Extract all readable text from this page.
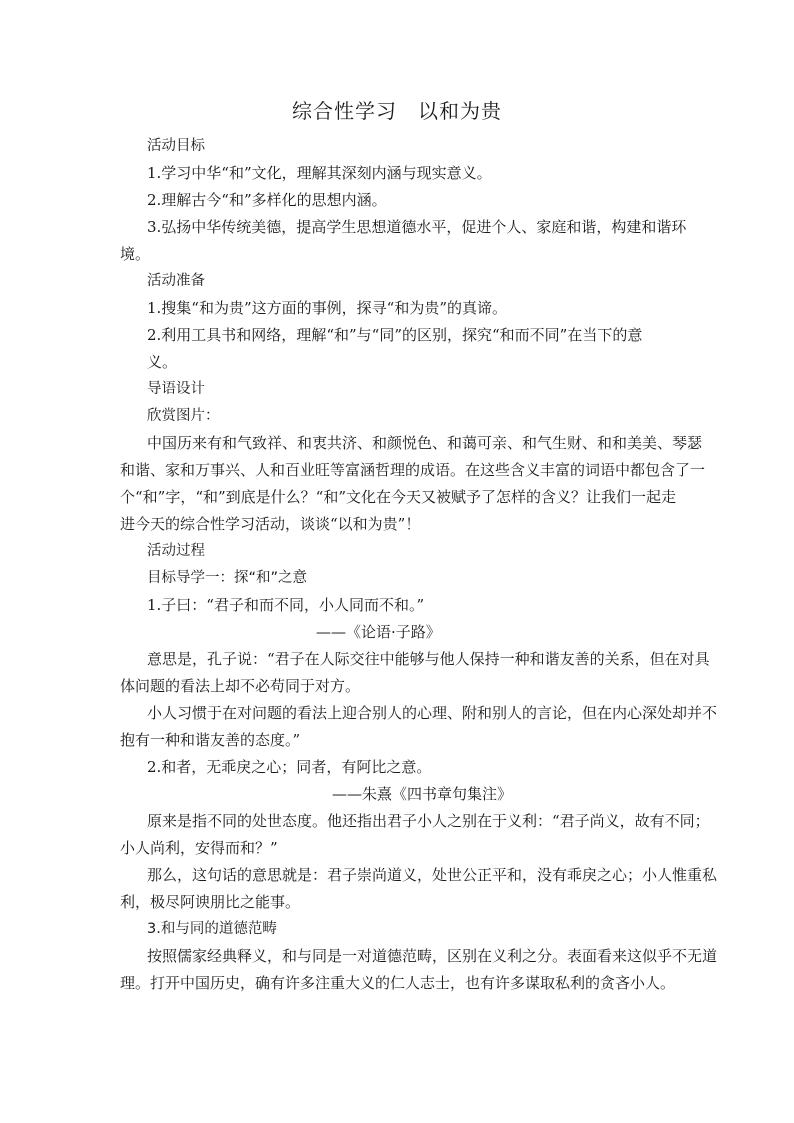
综合性学习　以和为贵
活动目标
1.学习中华“和”文化，理解其深刻内涵与现实意义。
2.理解古今“和”多样化的思想内涵。
3.弘扬中华传统美德，提高学生思想道德水平，促进个人、家庭和谐，构建和谐环
境。
活动准备
1.搜集“和为贵”这方面的事例，探寻“和为贵”的真谛。
2.利用工具书和网络，理解“和”与“同”的区别，探究“和而不同”在当下的意
义。
导语设计
欣赏图片：
中国历来有和气致祥、和衷共济、和颜悦色、和蔼可亲、和气生财、和和美美、琴瑟
和谐、家和万事兴、人和百业旺等富涵哲理的成语。在这些含义丰富的词语中都包含了一
个“和”字，“和”到底是什么？“和”文化在今天又被赋予了怎样的含义？让我们一起走
进今天的综合性学习活动，谈谈“以和为贵”！
活动过程
目标导学一：探“和”之意
1.子曰：“君子和而不同，小人同而不和。”
——《论语·子路》
意思是，孔子说：“君子在人际交往中能够与他人保持一种和谐友善的关系，但在对具
体问题的看法上却不必苟同于对方。
小人习惯于在对问题的看法上迎合别人的心理、附和别人的言论，但在内心深处却并不
抱有一种和谐友善的态度。”
2.和者，无乖戾之心；同者，有阿比之意。
——朱熹《四书章句集注》
原来是指不同的处世态度。他还指出君子小人之别在于义利：“君子尚义，故有不同；
小人尚利，安得而和？”
那么，这句话的意思就是：君子崇尚道义，处世公正平和，没有乖戾之心；小人惟重私
利，极尽阿谀朋比之能事。
3.和与同的道德范畴
按照儒家经典释义，和与同是一对道德范畴，区别在义利之分。表面看来这似乎不无道
理。打开中国历史，确有许多注重大义的仁人志士，也有许多谋取私利的贪吝小人。
